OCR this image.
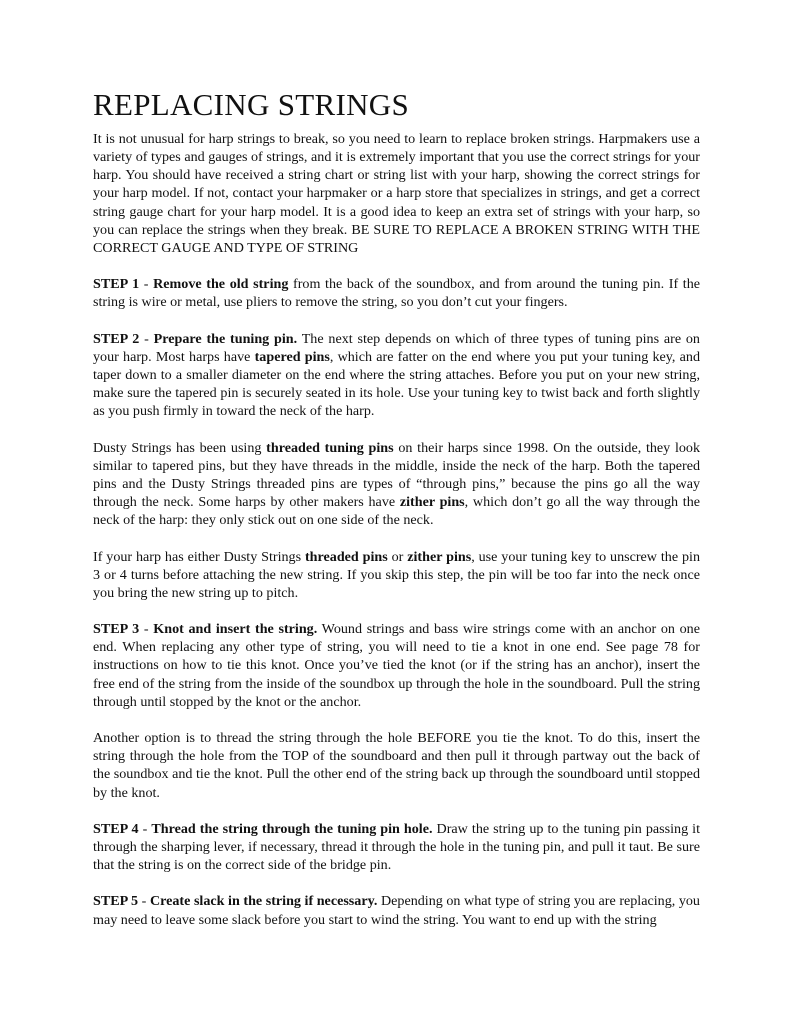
REPLACING STRINGS

It is not unusual for harp strings to break, so you need to learn to replace broken strings. Harpmakers use a variety of types and gauges of strings, and it is extremely important that you use the correct strings for your harp. You should have received a string chart or string list with your harp, showing the correct strings for your harp model. If not, contact your harpmaker or a harp store that specializes in strings, and get a correct string gauge chart for your harp model. It is a good idea to keep an extra set of strings with your harp, so you can replace the strings when they break. BE SURE TO REPLACE A BROKEN STRING WITH THE CORRECT GAUGE AND TYPE OF STRING

STEP 1 - Remove the old string from the back of the soundbox, and from around the tuning pin. If the string is wire or metal, use pliers to remove the string, so you don’t cut your fingers.

STEP 2 - Prepare the tuning pin. The next step depends on which of three types of tuning pins are on your harp. Most harps have tapered pins, which are fatter on the end where you put your tuning key, and taper down to a smaller diameter on the end where the string attaches. Before you put on your new string, make sure the tapered pin is securely seated in its hole. Use your tuning key to twist back and forth slightly as you push firmly in toward the neck of the harp.

Dusty Strings has been using threaded tuning pins on their harps since 1998. On the outside, they look similar to tapered pins, but they have threads in the middle, inside the neck of the harp. Both the tapered pins and the Dusty Strings threaded pins are types of “through pins,” because the pins go all the way through the neck. Some harps by other makers have zither pins, which don’t go all the way through the neck of the harp: they only stick out on one side of the neck.

If your harp has either Dusty Strings threaded pins or zither pins, use your tuning key to unscrew the pin 3 or 4 turns before attaching the new string. If you skip this step, the pin will be too far into the neck once you bring the new string up to pitch.

STEP 3 - Knot and insert the string. Wound strings and bass wire strings come with an anchor on one end. When replacing any other type of string, you will need to tie a knot in one end. See page 78 for instructions on how to tie this knot. Once you’ve tied the knot (or if the string has an anchor), insert the free end of the string from the inside of the soundbox up through the hole in the soundboard. Pull the string through until stopped by the knot or the anchor.

Another option is to thread the string through the hole BEFORE you tie the knot. To do this, insert the string through the hole from the TOP of the soundboard and then pull it through partway out the back of the soundbox and tie the knot. Pull the other end of the string back up through the soundboard until stopped by the knot.

STEP 4 - Thread the string through the tuning pin hole. Draw the string up to the tuning pin passing it through the sharping lever, if necessary, thread it through the hole in the tuning pin, and pull it taut. Be sure that the string is on the correct side of the bridge pin.

STEP 5 - Create slack in the string if necessary. Depending on what type of string you are replacing, you may need to leave some slack before you start to wind the string. You want to end up with the string
